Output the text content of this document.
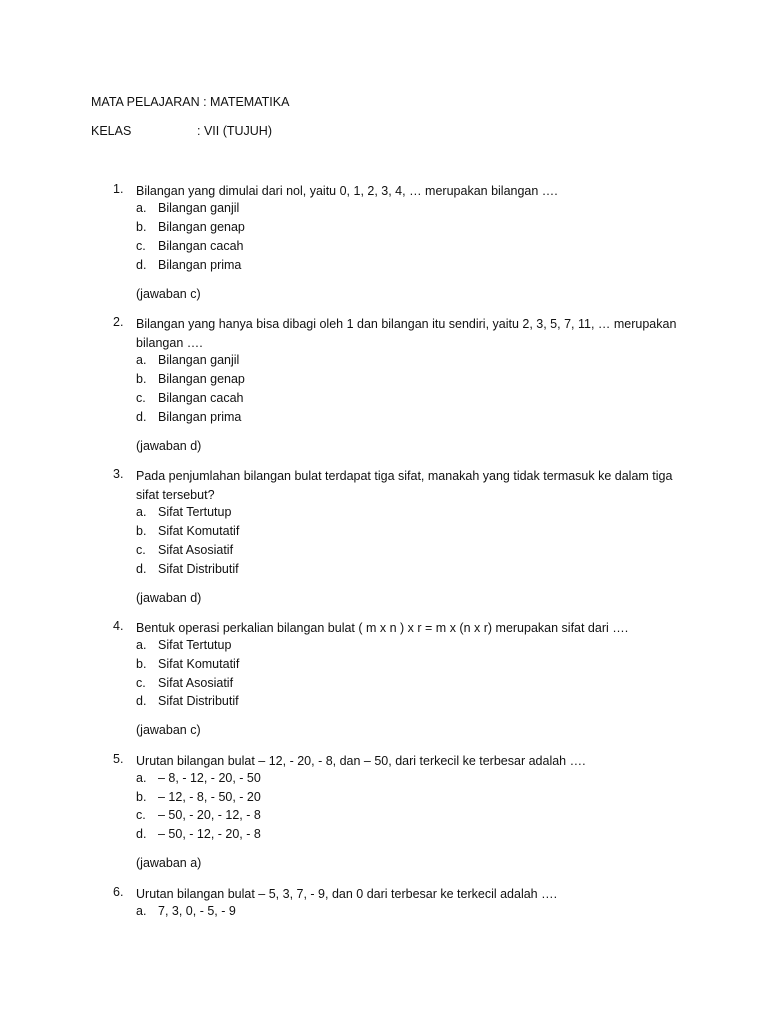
MATA PELAJARAN : MATEMATIKA
KELAS	: VII (TUJUH)
1. Bilangan yang dimulai dari nol, yaitu 0, 1, 2, 3, 4, … merupakan bilangan ….
a. Bilangan ganjil
b. Bilangan genap
c. Bilangan cacah
d. Bilangan prima
(jawaban c)
2. Bilangan yang hanya bisa dibagi oleh 1 dan bilangan itu sendiri, yaitu 2, 3, 5, 7, 11, … merupakan bilangan ….
a. Bilangan ganjil
b. Bilangan genap
c. Bilangan cacah
d. Bilangan prima
(jawaban d)
3. Pada penjumlahan bilangan bulat terdapat tiga sifat, manakah yang tidak termasuk ke dalam tiga sifat tersebut?
a. Sifat Tertutup
b. Sifat Komutatif
c. Sifat Asosiatif
d. Sifat Distributif
(jawaban d)
4. Bentuk operasi perkalian bilangan bulat ( m x n ) x r = m x (n x r) merupakan sifat dari ….
a. Sifat Tertutup
b. Sifat Komutatif
c. Sifat Asosiatif
d. Sifat Distributif
(jawaban c)
5. Urutan bilangan bulat – 12, - 20, - 8, dan – 50, dari terkecil ke terbesar adalah ….
a. – 8, - 12, - 20, - 50
b. – 12, - 8, - 50, - 20
c. – 50, - 20, - 12, - 8
d. – 50, - 12, - 20, - 8
(jawaban a)
6. Urutan bilangan bulat – 5, 3, 7, - 9, dan 0 dari terbesar ke terkecil adalah ….
a. 7, 3, 0, - 5, - 9
